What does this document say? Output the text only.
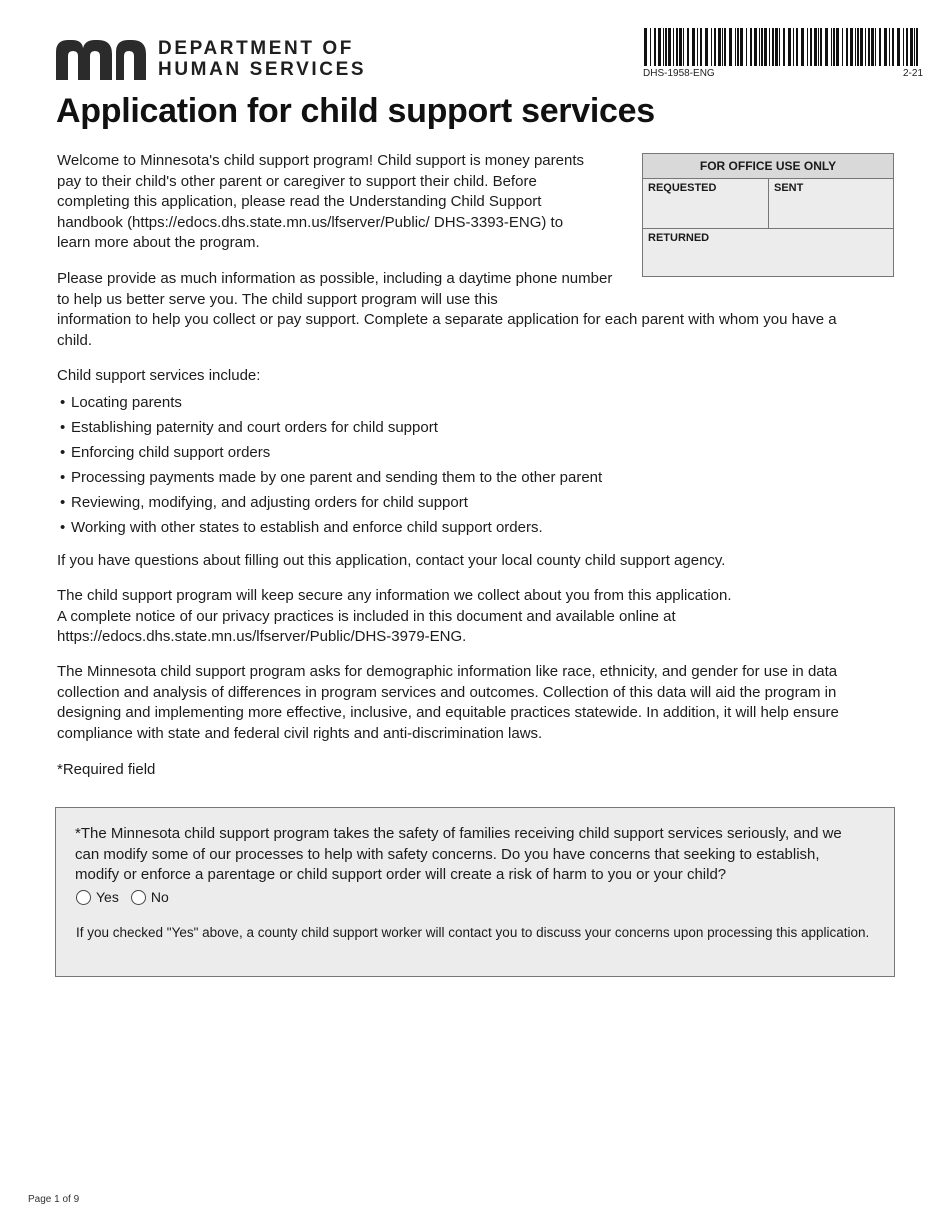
DEPARTMENT OF
HUMAN SERVICES	DHS-1958-ENG	2-21
Application for child support services
FOR OFFICE USE ONLY
REQUESTED	SENT
RETURNED

Welcome to Minnesota's child support program! Child support is money parents pay to their child's other parent or caregiver to support their child. Before completing this application, please read the Understanding Child Support handbook (https://edocs.dhs.state.mn.us/lfserver/Public/ DHS-3393-ENG) to learn more about the program.

Please provide as much information as possible, including a daytime phone number to help us better serve you. The child support program will use this
information to help you collect or pay support. Complete a separate application for each parent with whom you have a child.

Child support services include:

• Locating parents
• Establishing paternity and court orders for child support
• Enforcing child support orders
• Processing payments made by one parent and sending them to the other parent
• Reviewing, modifying, and adjusting orders for child support
• Working with other states to establish and enforce child support orders.

If you have questions about filling out this application, contact your local county child support agency.

The child support program will keep secure any information we collect about you from this application.
A complete notice of our privacy practices is included in this document and available online at
https://edocs.dhs.state.mn.us/lfserver/Public/DHS-3979-ENG.

The Minnesota child support program asks for demographic information like race, ethnicity, and gender for use in data collection and analysis of differences in program services and outcomes. Collection of this data will aid the program in designing and implementing more effective, inclusive, and equitable practices statewide. In addition, it will help ensure compliance with state and federal civil rights and anti-discrimination laws.

*Required field

*The Minnesota child support program takes the safety of families receiving child support services seriously, and we can modify some of our processes to help with safety concerns. Do you have concerns that seeking to establish, modify or enforce a parentage or child support order will create a risk of harm to you or your child?

Yes No

If you checked "Yes" above, a county child support worker will contact you to discuss your concerns upon processing this application.

Page 1 of 9
